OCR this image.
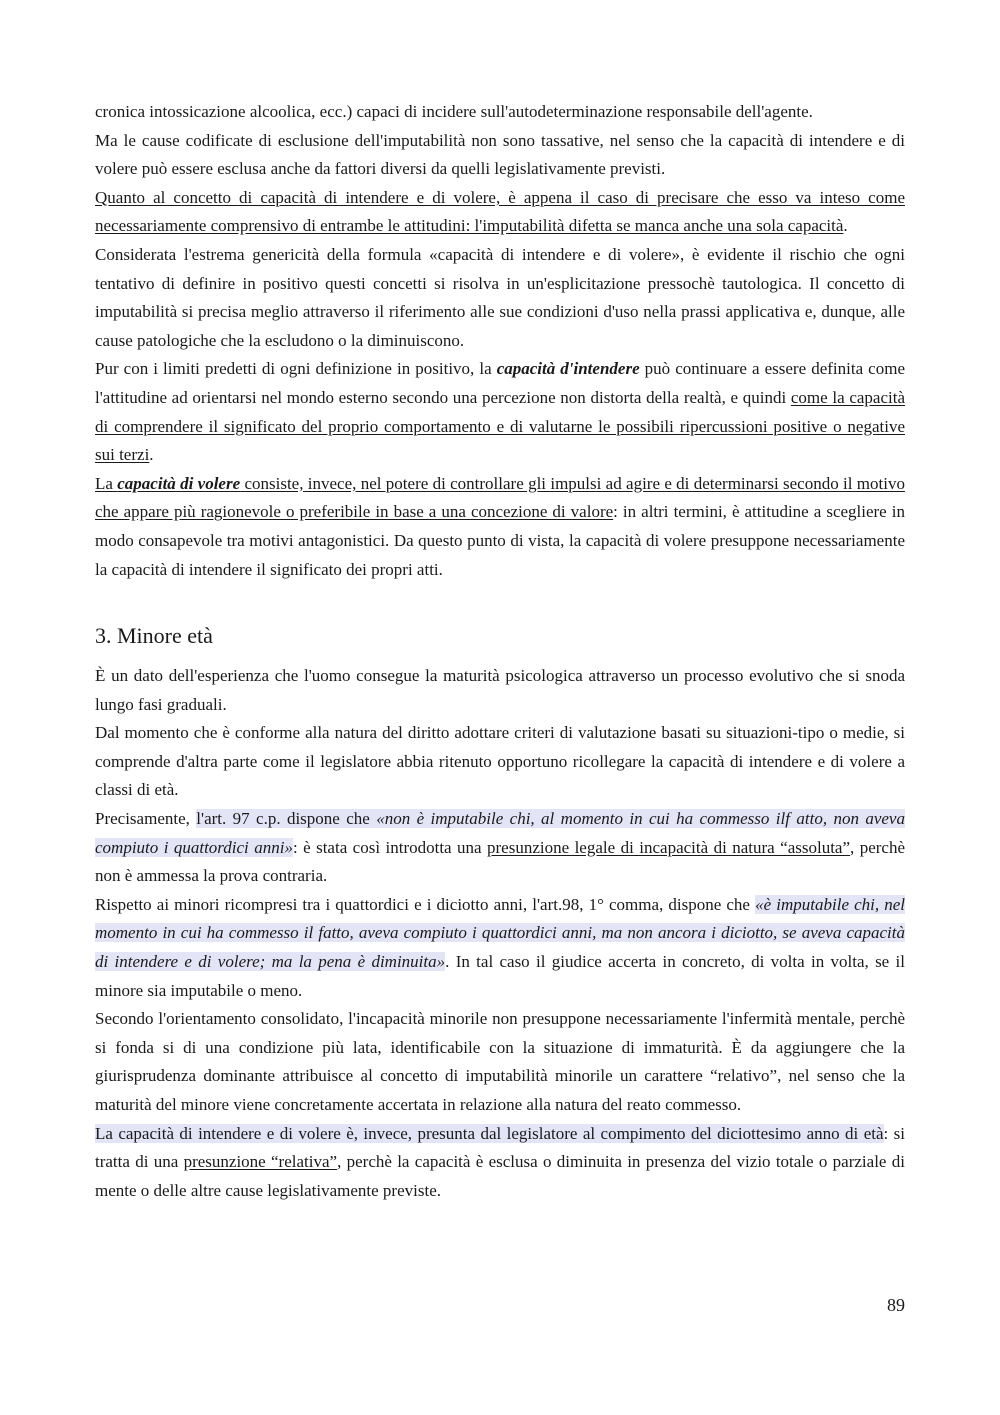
cronica intossicazione alcoolica, ecc.) capaci di incidere sull'autodeterminazione responsabile dell'agente.

Ma le cause codificate di esclusione dell'imputabilità non sono tassative, nel senso che la capacità di intendere e di volere può essere esclusa anche da fattori diversi da quelli legislativamente previsti.

Quanto al concetto di capacità di intendere e di volere, è appena il caso di precisare che esso va inteso come necessariamente comprensivo di entrambe le attitudini: l'imputabilità difetta se manca anche una sola capacità.

Considerata l'estrema genericità della formula «capacità di intendere e di volere», è evidente il rischio che ogni tentativo di definire in positivo questi concetti si risolva in un'esplicitazione pressochè tautologica. Il concetto di imputabilità si precisa meglio attraverso il riferimento alle sue condizioni d'uso nella prassi applicativa e, dunque, alle cause patologiche che la escludono o la diminuiscono.

Pur con i limiti predetti di ogni definizione in positivo, la capacità d'intendere può continuare a essere definita come l'attitudine ad orientarsi nel mondo esterno secondo una percezione non distorta della realtà, e quindi come la capacità di comprendere il significato del proprio comportamento e di valutarne le possibili ripercussioni positive o negative sui terzi.

La capacità di volere consiste, invece, nel potere di controllare gli impulsi ad agire e di determinarsi secondo il motivo che appare più ragionevole o preferibile in base a una concezione di valore: in altri termini, è attitudine a scegliere in modo consapevole tra motivi antagonistici. Da questo punto di vista, la capacità di volere presuppone necessariamente la capacità di intendere il significato dei propri atti.

3. Minore età

È un dato dell'esperienza che l'uomo consegue la maturità psicologica attraverso un processo evolutivo che si snoda lungo fasi graduali.

Dal momento che è conforme alla natura del diritto adottare criteri di valutazione basati su situazioni-tipo o medie, si comprende d'altra parte come il legislatore abbia ritenuto opportuno ricollegare la capacità di intendere e di volere a classi di età.

Precisamente, l'art. 97 c.p. dispone che «non è imputabile chi, al momento in cui ha commesso ilf atto, non aveva compiuto i quattordici anni»: è stata così introdotta una presunzione legale di incapacità di natura “assoluta”, perchè non è ammessa la prova contraria.

Rispetto ai minori ricompresi tra i quattordici e i diciotto anni, l'art.98, 1° comma, dispone che «è imputabile chi, nel momento in cui ha commesso il fatto, aveva compiuto i quattordici anni, ma non ancora i diciotto, se aveva capacità di intendere e di volere; ma la pena è diminuita». In tal caso il giudice accerta in concreto, di volta in volta, se il minore sia imputabile o meno.

Secondo l'orientamento consolidato, l'incapacità minorile non presuppone necessariamente l'infermità mentale, perchè si fonda si di una condizione più lata, identificabile con la situazione di immaturità. È da aggiungere che la giurisprudenza dominante attribuisce al concetto di imputabilità minorile un carattere “relativo”, nel senso che la maturità del minore viene concretamente accertata in relazione alla natura del reato commesso.

La capacità di intendere e di volere è, invece, presunta dal legislatore al compimento del diciottesimo anno di età: si tratta di una presunzione “relativa”, perchè la capacità è esclusa o diminuita in presenza del vizio totale o parziale di mente o delle altre cause legislativamente previste.

89
